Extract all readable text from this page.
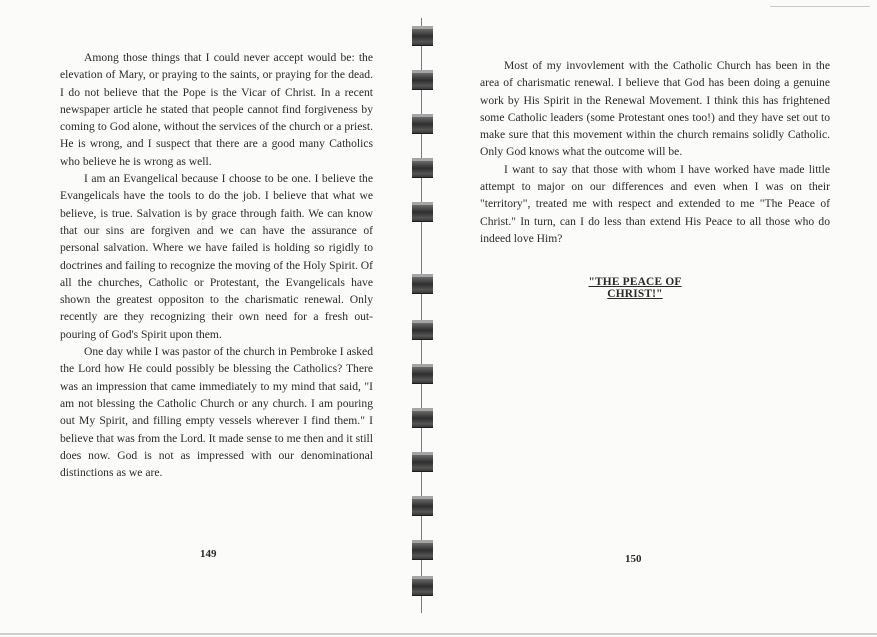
Among those things that I could never accept would be: the elevation of Mary, or praying to the saints, or praying for the dead. I do not believe that the Pope is the Vicar of Christ. In a recent newspaper article he stated that people cannot find forgiveness by coming to God alone, without the services of the church or a priest. He is wrong, and I suspect that there are a good many Catholics who believe he is wrong as well.

I am an Evangelical because I choose to be one. I believe the Evangelicals have the tools to do the job. I believe that what we believe, is true. Salvation is by grace through faith. We can know that our sins are forgiven and we can have the assurance of personal salvation. Where we have failed is holding so rigidly to doctrines and failing to recognize the moving of the Holy Spirit. Of all the churches, Catholic or Protestant, the Evangelicals have shown the greatest oppositon to the charismatic renewal. Only recently are they recognizing their own need for a fresh out-pouring of God's Spirit upon them.

One day while I was pastor of the church in Pembroke I asked the Lord how He could possibly be blessing the Catholics? There was an impression that came immediately to my mind that said, "I am not blessing the Catholic Church or any church. I am pouring out My Spirit, and filling empty vessels wherever I find them." I believe that was from the Lord. It made sense to me then and it still does now. God is not as impressed with our denominational distinctions as we are.

149

Most of my invovlement with the Catholic Church has been in the area of charismatic renewal. I believe that God has been doing a genuine work by His Spirit in the Renewal Movement. I think this has frightened some Catholic leaders (some Protestant ones too!) and they have set out to make sure that this movement within the church remains solidly Catholic. Only God knows what the outcome will be.

I want to say that those with whom I have worked have made little attempt to major on our differences and even when I was on their "territory", treated me with respect and extended to me "The Peace of Christ." In turn, can I do less than extend His Peace to all those who do indeed love Him?

"THE PEACE OF CHRIST!"
150
